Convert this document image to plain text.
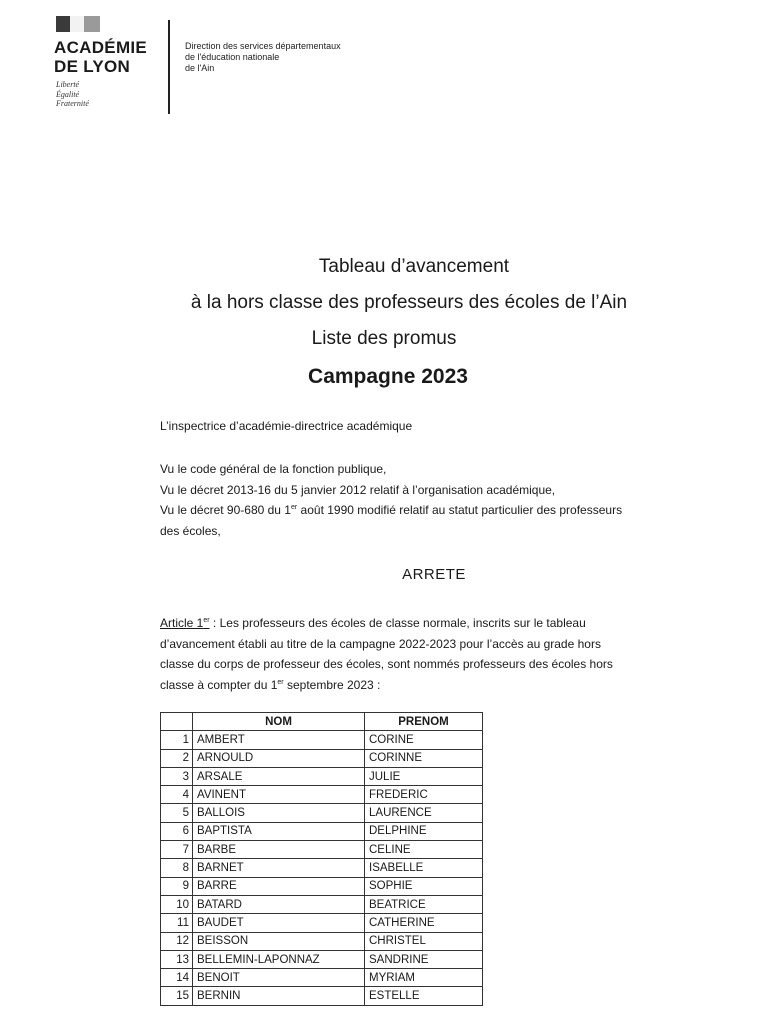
ACADÉMIE
DE LYON
Liberté
Égalité
Fraternité
Direction des services départementaux
de l'éducation nationale
de l'Ain
Tableau d’avancement
à la hors classe des professeurs des écoles de l’Ain
Liste des promus
Campagne 2023
L’inspectrice d’académie-directrice académique
Vu le code général de la fonction publique,
Vu le décret 2013-16 du 5 janvier 2012 relatif à l’organisation académique,
Vu le décret 90-680 du 1er août 1990 modifié relatif au statut particulier des professeurs
des écoles,
ARRETE
Article 1er : Les professeurs des écoles de classe normale, inscrits sur le tableau
d’avancement établi au titre de la campagne 2022-2023 pour l’accès au grade hors
classe du corps de professeur des écoles, sont nommés professeurs des écoles hors
classe à compter du 1er septembre 2023 :
	NOM	PRENOM
1	AMBERT	CORINE
2	ARNOULD	CORINNE
3	ARSALE	JULIE
4	AVINENT	FREDERIC
5	BALLOIS	LAURENCE
6	BAPTISTA	DELPHINE
7	BARBE	CELINE
8	BARNET	ISABELLE
9	BARRE	SOPHIE
10	BATARD	BEATRICE
11	BAUDET	CATHERINE
12	BEISSON	CHRISTEL
13	BELLEMIN-LAPONNAZ	SANDRINE
14	BENOIT	MYRIAM
15	BERNIN	ESTELLE
